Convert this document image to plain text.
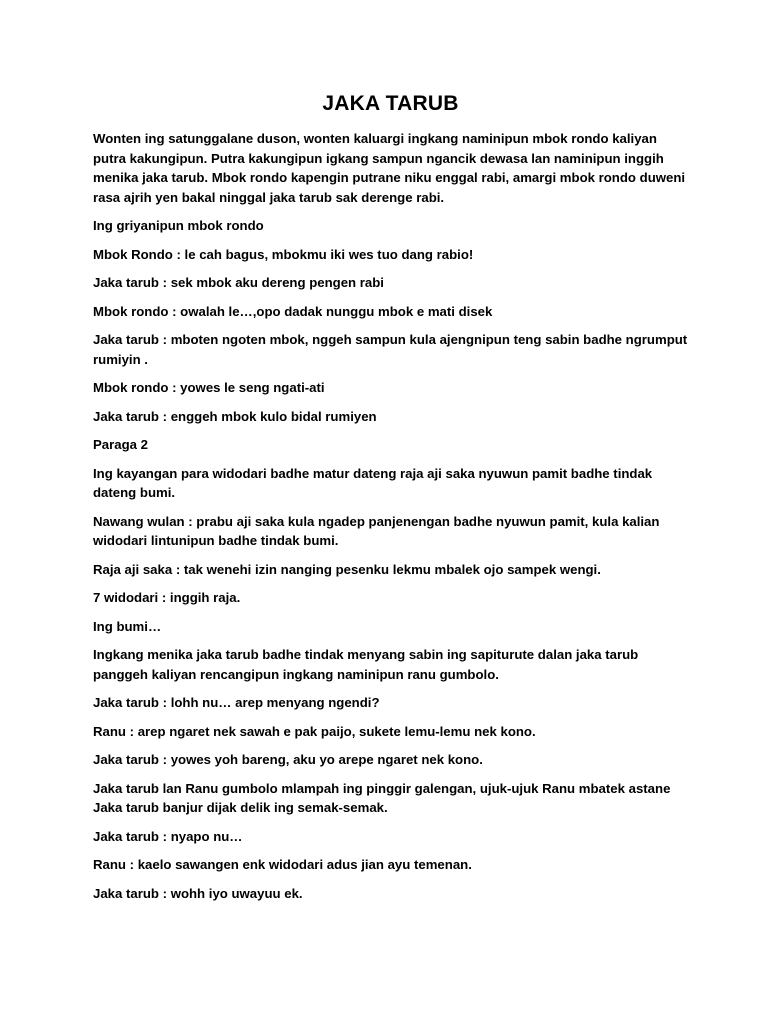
JAKA TARUB

Wonten ing satunggalane duson, wonten kaluargi ingkang naminipun mbok rondo kaliyan putra kakungipun. Putra kakungipun igkang sampun ngancik dewasa lan naminipun inggih menika jaka tarub. Mbok rondo kapengin putrane niku enggal rabi, amargi mbok rondo duweni rasa ajrih yen bakal ninggal jaka tarub sak derenge rabi.

Ing griyanipun mbok rondo

Mbok Rondo : le cah bagus, mbokmu iki wes tuo dang rabio!

Jaka tarub : sek mbok aku dereng pengen rabi

Mbok rondo : owalah le…,opo dadak nunggu mbok e mati disek

Jaka tarub : mboten ngoten mbok, nggeh sampun kula ajengnipun teng sabin badhe ngrumput rumiyin .

Mbok rondo : yowes le seng ngati-ati

Jaka tarub : enggeh mbok kulo bidal rumiyen

Paraga 2

Ing kayangan para widodari badhe matur dateng raja aji saka nyuwun pamit badhe tindak dateng bumi.

Nawang wulan : prabu aji saka kula ngadep panjenengan badhe nyuwun pamit, kula kalian widodari lintunipun badhe tindak bumi.

Raja aji saka : tak wenehi izin nanging pesenku lekmu mbalek ojo sampek wengi.

7 widodari : inggih raja.

Ing bumi…

Ingkang menika jaka tarub badhe tindak menyang sabin ing sapiturute dalan jaka tarub panggeh kaliyan rencangipun ingkang naminipun ranu gumbolo.

Jaka tarub : lohh nu… arep menyang ngendi?

Ranu : arep ngaret nek sawah e pak paijo, sukete lemu-lemu nek kono.

Jaka tarub : yowes yoh bareng, aku yo arepe ngaret nek kono.

Jaka tarub lan Ranu gumbolo mlampah ing pinggir galengan, ujuk-ujuk Ranu mbatek astane Jaka tarub banjur dijak delik ing semak-semak.

Jaka tarub : nyapo nu…

Ranu : kaelo sawangen enk widodari adus jian ayu temenan.

Jaka tarub : wohh iyo uwayuu ek.
